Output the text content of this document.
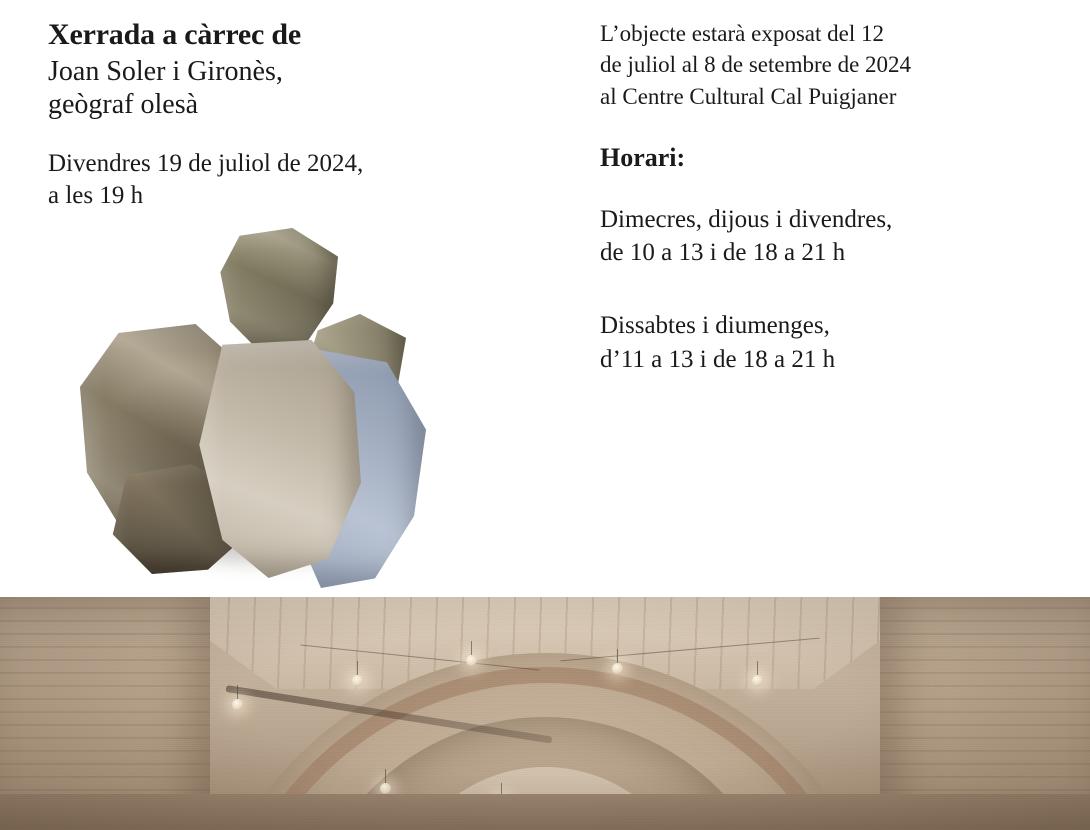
Xerrada a càrrec de
Joan Soler i Gironès,
geògraf olesà
Divendres 19 de juliol de 2024,
a les 19 h
L’objecte estarà exposat del 12
de juliol al 8 de setembre de 2024
al Centre Cultural Cal Puigjaner
Horari:
Dimecres, dijous i divendres,
de 10 a 13 i de 18 a 21 h
Dissabtes i diumenges,
d’11 a 13 i de 18 a 21 h
